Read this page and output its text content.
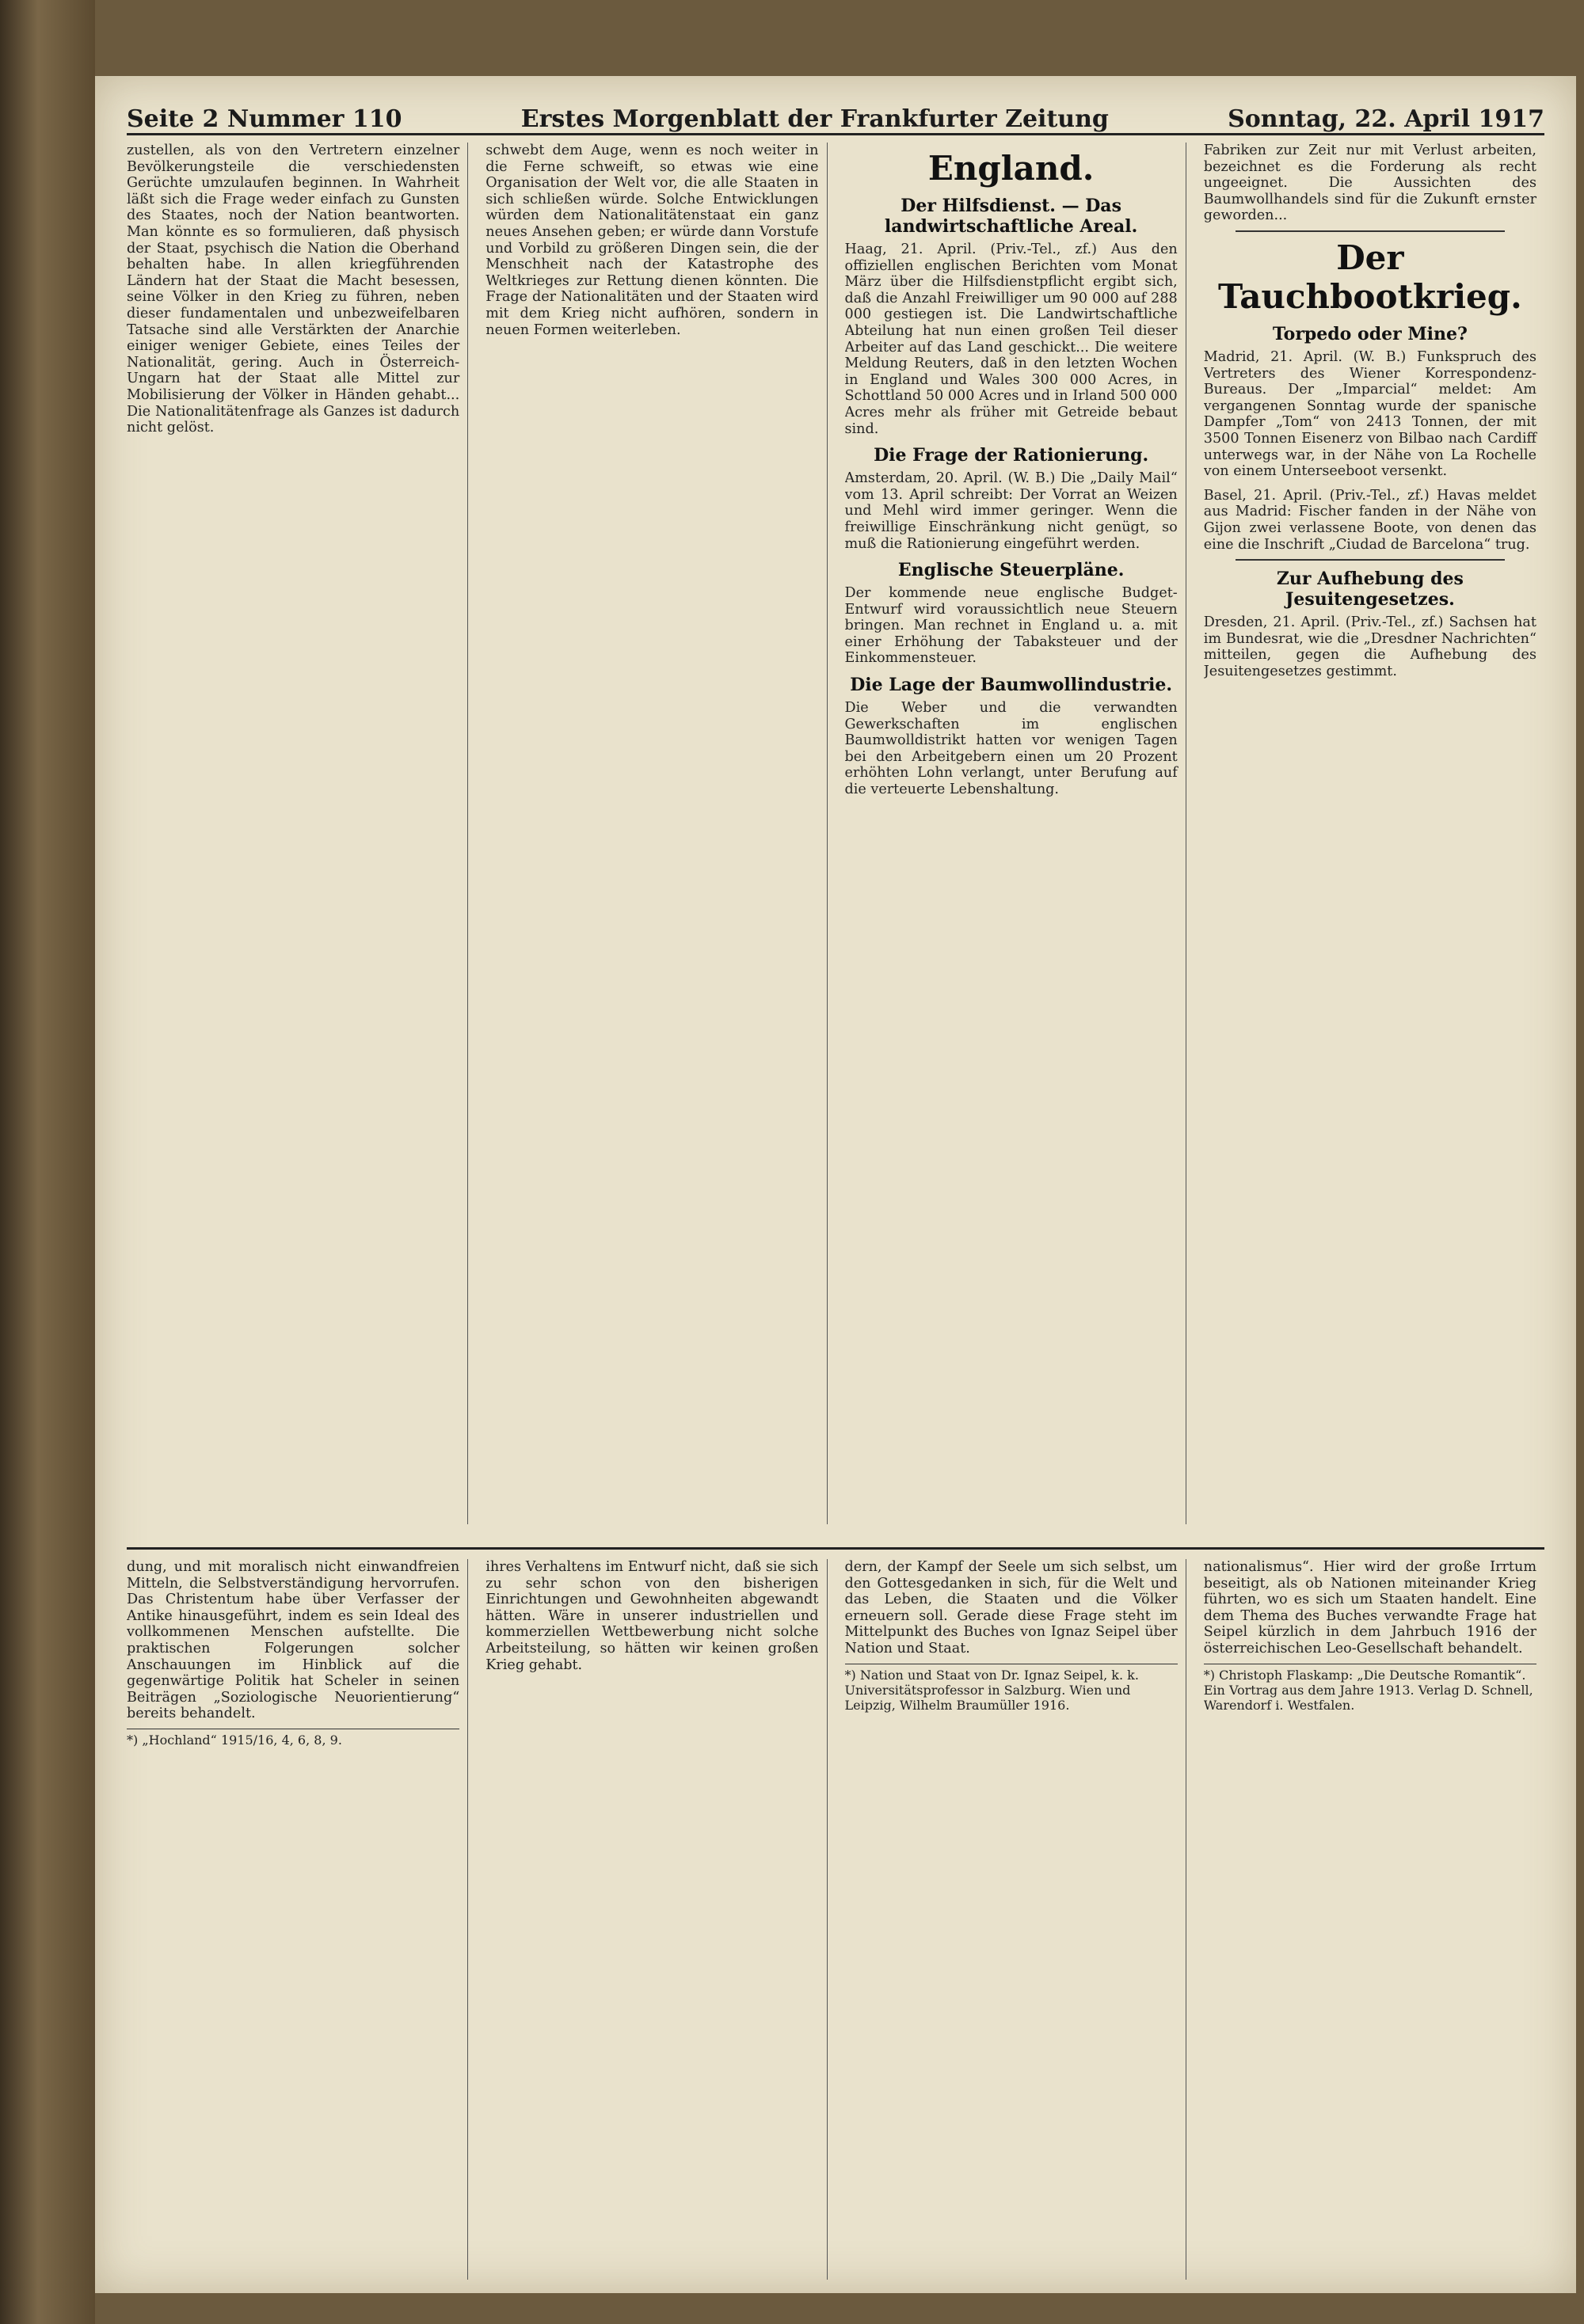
Seite 2 Nummer 110	Erstes Morgenblatt der Frankfurter Zeitung	Sonntag, 22. April 1917
zustellen, als von den Vertretern einzelner Bevölkerungsteile die verschiedensten Gerüchte umzulaufen beginnen. In Wahrheit läßt sich die Frage weder einfach zu Gunsten des Staates, noch der Nation beantworten. Man könnte es so formulieren, daß physisch der Staat, psychisch die Nation die Oberhand behalten habe. In allen kriegführenden Ländern hat der Staat die Macht besessen, seine Völker in den Krieg zu führen, neben dieser fundamentalen und unbezweifelbaren Tatsache sind alle Verstärkten der Anarchie einiger weniger Gebiete, eines Teiles der Nationalität, gering. Auch in Österreich-Ungarn hat der Staat alle Mittel zur Mobilisierung der Völker in Händen gehabt... Die Nationalitätenfrage als Ganzes ist dadurch nicht gelöst.
schwebt dem Auge, wenn es noch weiter in die Ferne schweift, so etwas wie eine Organisation der Welt vor, die alle Staaten in sich schließen würde. Solche Entwicklungen würden dem Nationalitätenstaat ein ganz neues Ansehen geben; er würde dann Vorstufe und Vorbild zu größeren Dingen sein, die der Menschheit nach der Katastrophe des Weltkrieges zur Rettung dienen könnten. Die Frage der Nationalitäten und der Staaten wird mit dem Krieg nicht aufhören, sondern in neuen Formen weiterleben.
England.
Der Hilfsdienst. — Das landwirtschaftliche Areal.
Haag, 21. April. (Priv.-Tel., zf.) Aus den offiziellen englischen Berichten vom Monat März über die Hilfsdienstpflicht ergibt sich, daß die Anzahl Freiwilliger um 90 000 auf 288 000 gestiegen ist. Die Landwirtschaftliche Abteilung hat nun einen großen Teil dieser Arbeiter auf das Land geschickt... Die weitere Meldung Reuters, daß in den letzten Wochen in England und Wales 300 000 Acres, in Schottland 50 000 Acres und in Irland 500 000 Acres mehr als früher mit Getreide bebaut sind.
Die Frage der Rationierung.
Amsterdam, 20. April. (W. B.) Die „Daily Mail“ vom 13. April schreibt: Der Vorrat an Weizen und Mehl wird immer geringer. Wenn die freiwillige Einschränkung nicht genügt, so muß die Rationierung eingeführt werden.
Englische Steuerpläne.
Der kommende neue englische Budget-Entwurf wird voraussichtlich neue Steuern bringen. Man rechnet in England u. a. mit einer Erhöhung der Tabaksteuer und der Einkommensteuer.
Die Lage der Baumwollindustrie.
Die Weber und die verwandten Gewerkschaften im englischen Baumwolldistrikt hatten vor wenigen Tagen bei den Arbeitgebern einen um 20 Prozent erhöhten Lohn verlangt, unter Berufung auf die verteuerte Lebenshaltung.
Fabriken zur Zeit nur mit Verlust arbeiten, bezeichnet es die Forderung als recht ungeeignet. Die Aussichten des Baumwollhandels sind für die Zukunft ernster geworden...
Der Tauchbootkrieg.
Torpedo oder Mine?
Madrid, 21. April. (W. B.) Funkspruch des Vertreters des Wiener Korrespondenz-Bureaus. Der „Imparcial“ meldet: Am vergangenen Sonntag wurde der spanische Dampfer „Tom“ von 2413 Tonnen, der mit 3500 Tonnen Eisenerz von Bilbao nach Cardiff unterwegs war, in der Nähe von La Rochelle von einem Unterseeboot versenkt.
Basel, 21. April. (Priv.-Tel., zf.) Havas meldet aus Madrid: Fischer fanden in der Nähe von Gijon zwei verlassene Boote, von denen das eine die Inschrift „Ciudad de Barcelona“ trug.
Zur Aufhebung des Jesuitengesetzes.
Dresden, 21. April. (Priv.-Tel., zf.) Sachsen hat im Bundesrat, wie die „Dresdner Nachrichten“ mitteilen, gegen die Aufhebung des Jesuitengesetzes gestimmt.
dung, und mit moralisch nicht einwandfreien Mitteln, die Selbstverständigung hervorrufen. Das Christentum habe über Verfasser der Antike hinausgeführt, indem es sein Ideal des vollkommenen Menschen aufstellte. Die praktischen Folgerungen solcher Anschauungen im Hinblick auf die gegenwärtige Politik hat Scheler in seinen Beiträgen „Soziologische Neuorientierung“ bereits behandelt.
*) „Hochland“ 1915/16, 4, 6, 8, 9.
ihres Verhaltens im Entwurf nicht, daß sie sich zu sehr schon von den bisherigen Einrichtungen und Gewohnheiten abgewandt hätten. Wäre in unserer industriellen und kommerziellen Wettbewerbung nicht solche Arbeitsteilung, so hätten wir keinen großen Krieg gehabt.
dern, der Kampf der Seele um sich selbst, um den Gottesgedanken in sich, für die Welt und das Leben, die Staaten und die Völker erneuern soll. Gerade diese Frage steht im Mittelpunkt des Buches von Ignaz Seipel über Nation und Staat.
*) Nation und Staat von Dr. Ignaz Seipel, k. k. Universitätsprofessor in Salzburg. Wien und Leipzig, Wilhelm Braumüller 1916.
nationalismus“. Hier wird der große Irrtum beseitigt, als ob Nationen miteinander Krieg führten, wo es sich um Staaten handelt. Eine dem Thema des Buches verwandte Frage hat Seipel kürzlich in dem Jahrbuch 1916 der österreichischen Leo-Gesellschaft behandelt.
*) Christoph Flaskamp: „Die Deutsche Romantik“. Ein Vortrag aus dem Jahre 1913. Verlag D. Schnell, Warendorf i. Westfalen.
